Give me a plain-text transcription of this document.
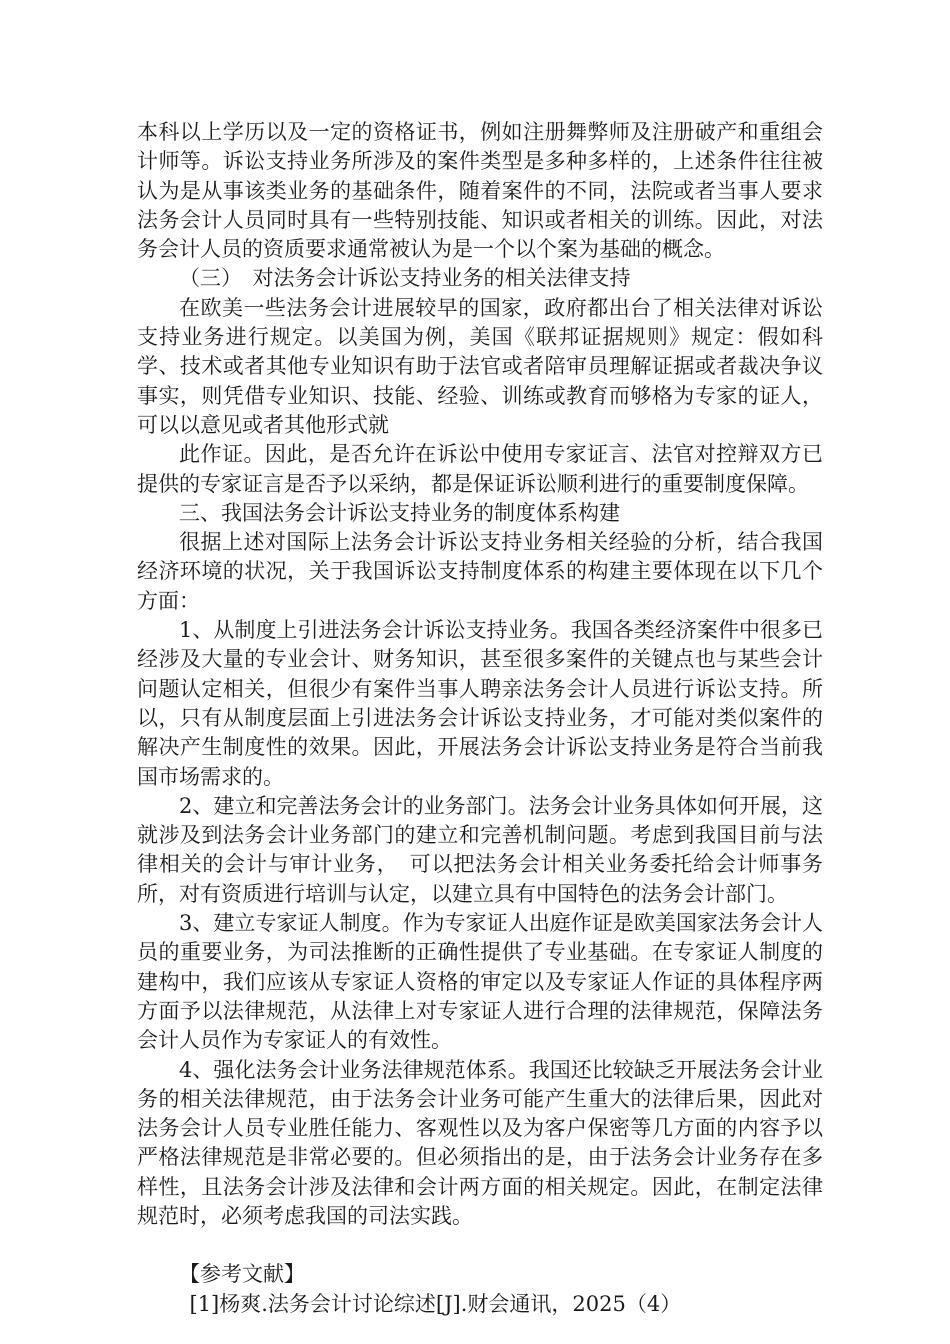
本科以上学历以及一定的资格证书，例如注册舞弊师及注册破产和重组会计师等。诉讼支持业务所涉及的案件类型是多种多样的，上述条件往往被认为是从事该类业务的基础条件，随着案件的不同，法院或者当事人要求法务会计人员同时具有一些特别技能、知识或者相关的训练。因此，对法务会计人员的资质要求通常被认为是一个以个案为基础的概念。

（三）　对法务会计诉讼支持业务的相关法律支持

在欧美一些法务会计进展较早的国家，政府都出台了相关法律对诉讼支持业务进行规定。以美国为例，美国《联邦证据规则》规定：假如科学、技术或者其他专业知识有助于法官或者陪审员理解证据或者裁决争议事实，则凭借专业知识、技能、经验、训练或教育而够格为专家的证人，可以以意见或者其他形式就

此作证。因此，是否允许在诉讼中使用专家证言、法官对控辩双方已提供的专家证言是否予以采纳，都是保证诉讼顺利进行的重要制度保障。

三、我国法务会计诉讼支持业务的制度体系构建

很据上述对国际上法务会计诉讼支持业务相关经验的分析，结合我国经济环境的状况，关于我国诉讼支持制度体系的构建主要体现在以下几个方面：

1、从制度上引进法务会计诉讼支持业务。我国各类经济案件中很多已经涉及大量的专业会计、财务知识，甚至很多案件的关键点也与某些会计问题认定相关，但很少有案件当事人聘亲法务会计人员进行诉讼支持。所以，只有从制度层面上引进法务会计诉讼支持业务，才可能对类似案件的解决产生制度性的效果。因此，开展法务会计诉讼支持业务是符合当前我国市场需求的。

2、建立和完善法务会计的业务部门。法务会计业务具体如何开展，这就涉及到法务会计业务部门的建立和完善机制问题。考虑到我国目前与法律相关的会计与审计业务，　可以把法务会计相关业务委托给会计师事务所，对有资质进行培训与认定，以建立具有中国特色的法务会计部门。

3、建立专家证人制度。作为专家证人出庭作证是欧美国家法务会计人员的重要业务，为司法推断的正确性提供了专业基础。在专家证人制度的建构中，我们应该从专家证人资格的审定以及专家证人作证的具体程序两方面予以法律规范，从法律上对专家证人进行合理的法律规范，保障法务会计人员作为专家证人的有效性。

4、强化法务会计业务法律规范体系。我国还比较缺乏开展法务会计业务的相关法律规范，由于法务会计业务可能产生重大的法律后果，因此对法务会计人员专业胜任能力、客观性以及为客户保密等几方面的内容予以严格法律规范是非常必要的。但必须指出的是，由于法务会计业务存在多样性，且法务会计涉及法律和会计两方面的相关规定。因此，在制定法律规范时，必须考虑我国的司法实践。

【参考文献】

[1]杨爽.法务会计讨论综述[J].财会通讯，2025（4）
